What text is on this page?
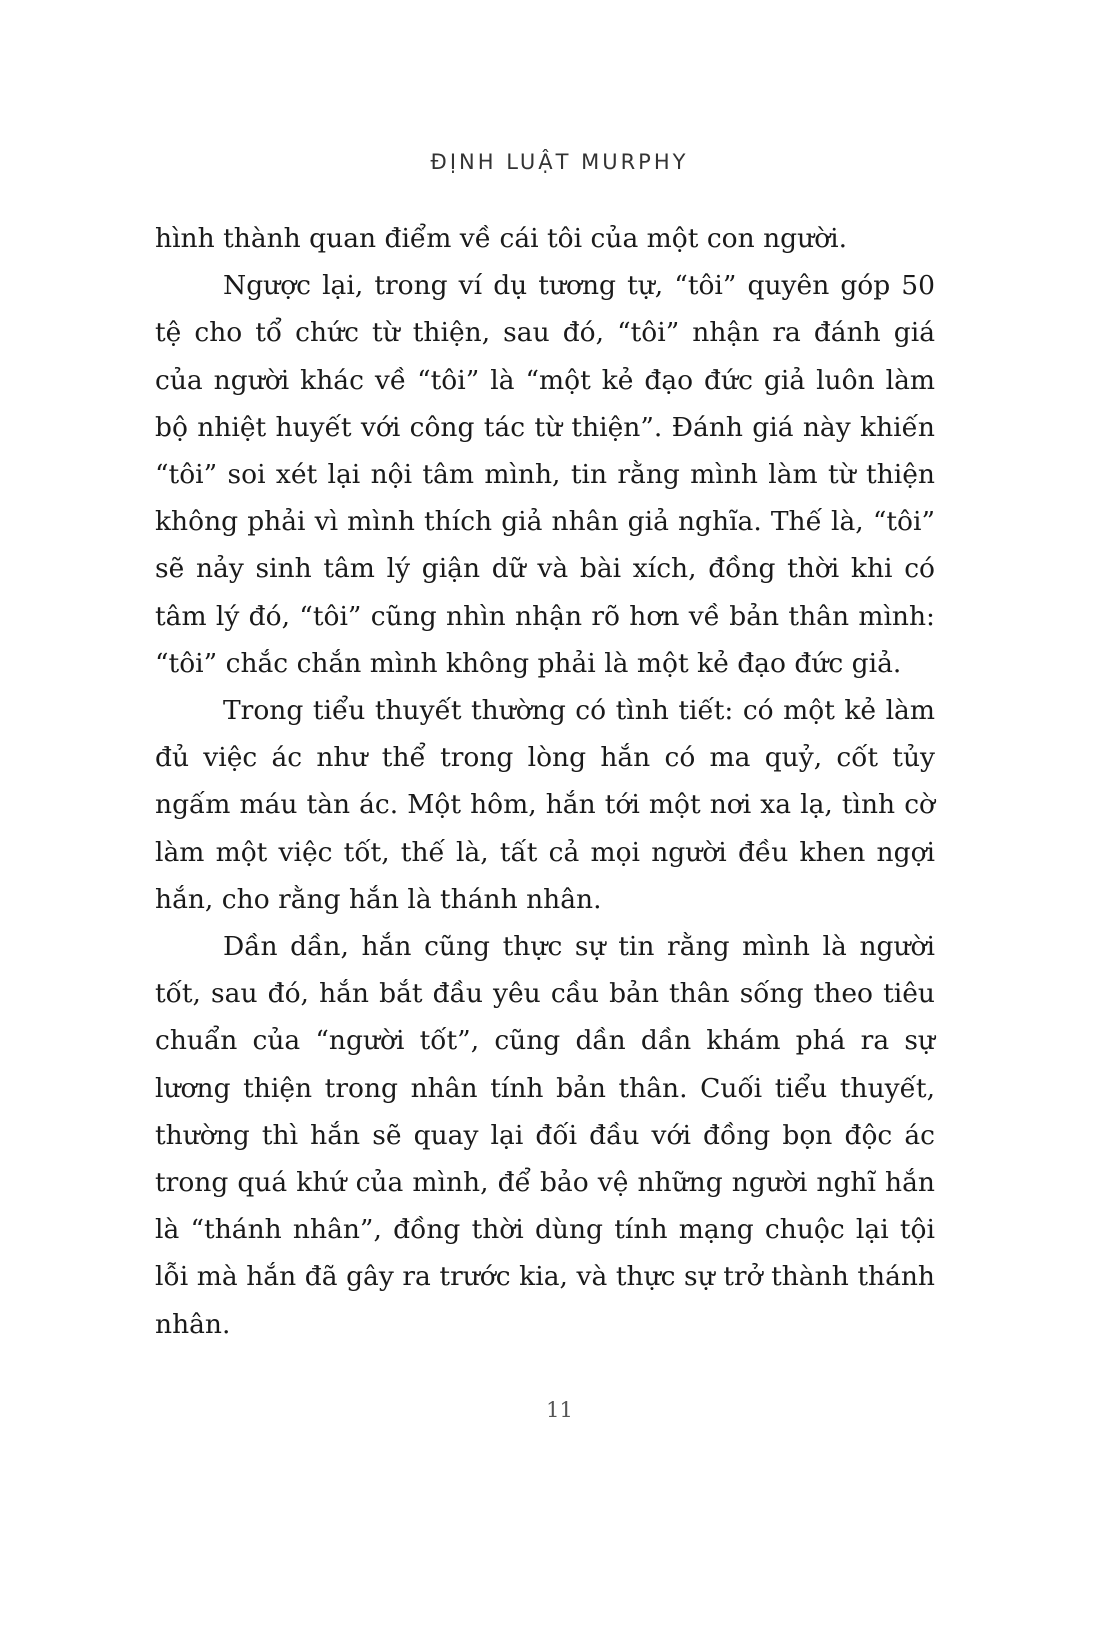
ĐỊNH LUẬT MURPHY

hình thành quan điểm về cái tôi của một con người.

Ngược lại, trong ví dụ tương tự, “tôi” quyên góp 50 tệ cho tổ chức từ thiện, sau đó, “tôi” nhận ra đánh giá của người khác về “tôi” là “một kẻ đạo đức giả luôn làm bộ nhiệt huyết với công tác từ thiện”. Đánh giá này khiến “tôi” soi xét lại nội tâm mình, tin rằng mình làm từ thiện không phải vì mình thích giả nhân giả nghĩa. Thế là, “tôi” sẽ nảy sinh tâm lý giận dữ và bài xích, đồng thời khi có tâm lý đó, “tôi” cũng nhìn nhận rõ hơn về bản thân mình: “tôi” chắc chắn mình không phải là một kẻ đạo đức giả.

Trong tiểu thuyết thường có tình tiết: có một kẻ làm đủ việc ác như thể trong lòng hắn có ma quỷ, cốt tủy ngấm máu tàn ác. Một hôm, hắn tới một nơi xa lạ, tình cờ làm một việc tốt, thế là, tất cả mọi người đều khen ngợi hắn, cho rằng hắn là thánh nhân.

Dần dần, hắn cũng thực sự tin rằng mình là người tốt, sau đó, hắn bắt đầu yêu cầu bản thân sống theo tiêu chuẩn của “người tốt”, cũng dần dần khám phá ra sự lương thiện trong nhân tính bản thân. Cuối tiểu thuyết, thường thì hắn sẽ quay lại đối đầu với đồng bọn độc ác trong quá khứ của mình, để bảo vệ những người nghĩ hắn là “thánh nhân”, đồng thời dùng tính mạng chuộc lại tội lỗi mà hắn đã gây ra trước kia, và thực sự trở thành thánh nhân.

11
